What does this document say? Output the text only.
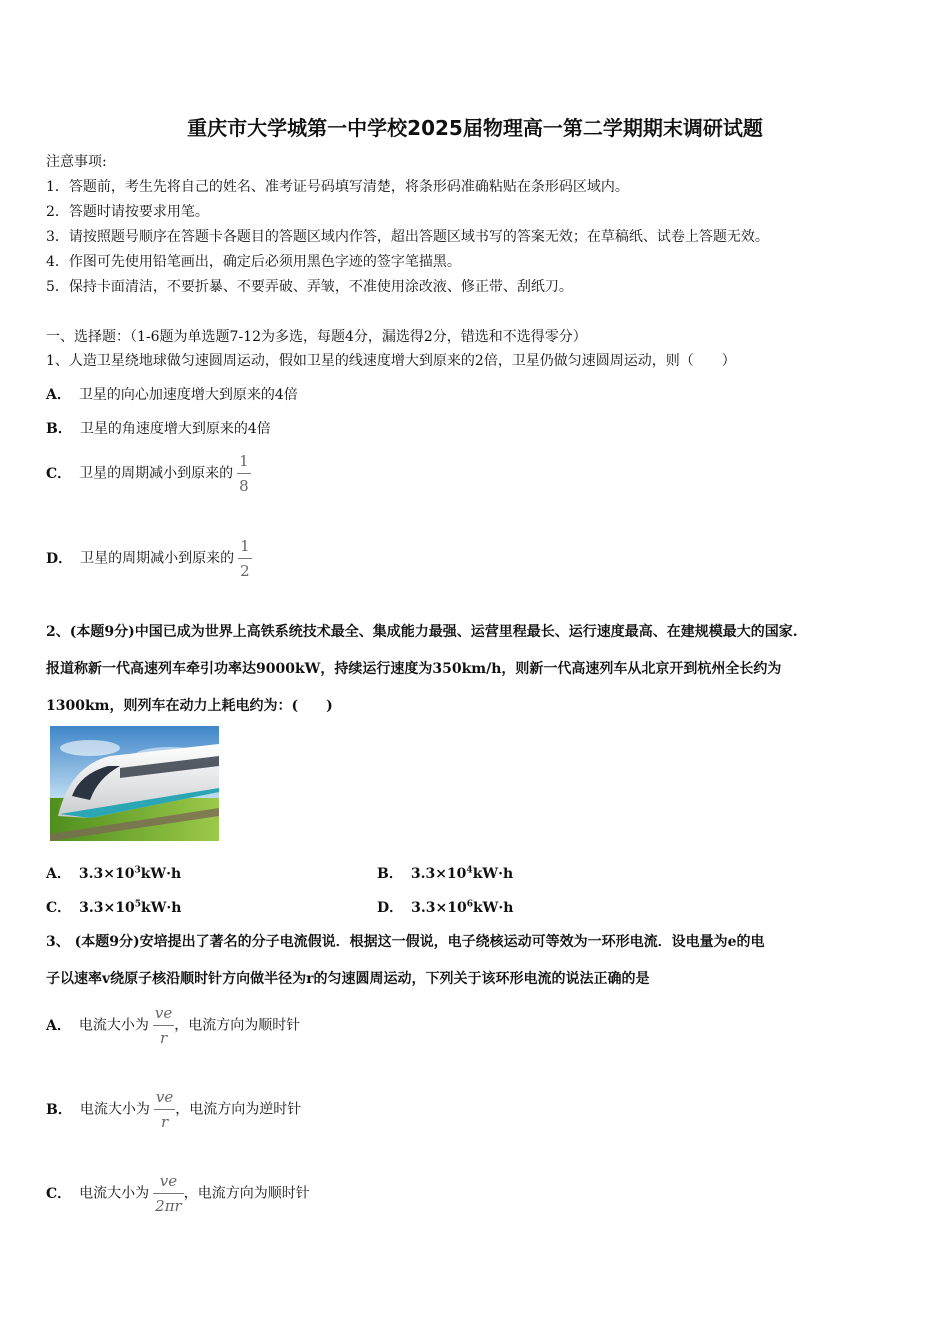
重庆市大学城第一中学校2025届物理高一第二学期期末调研试题
注意事项:
1．答题前，考生先将自己的姓名、准考证号码填写清楚，将条形码准确粘贴在条形码区域内。
2．答题时请按要求用笔。
3．请按照题号顺序在答题卡各题目的答题区域内作答，超出答题区域书写的答案无效；在草稿纸、试卷上答题无效。
4．作图可先使用铅笔画出，确定后必须用黑色字迹的签字笔描黑。
5．保持卡面清洁，不要折暴、不要弄破、弄皱，不准使用涂改液、修正带、刮纸刀。
一、选择题：（1-6题为单选题7-12为多选，每题4分，漏选得2分，错选和不选得零分）
1、人造卫星绕地球做匀速圆周运动，假如卫星的线速度增大到原来的2倍，卫星仍做匀速圆周运动，则（　　）
A． 卫星的向心加速度增大到原来的4倍
B． 卫星的角速度增大到原来的4倍
C． 卫星的周期减小到原来的 $\frac{1}{8}$
D． 卫星的周期减小到原来的 $\frac{1}{2}$
2、(本题9分)中国已成为世界上高铁系统技术最全、集成能力最强、运营里程最长、运行速度最高、在建规模最大的国家.
报道称新一代高速列车牵引功率达9000kW，持续运行速度为350km/h，则新一代高速列车从北京开到杭州全长约为
1300km，则列车在动力上耗电约为：(　　)
A． $3.3\times 10^3kW\cdot h$	B． $3.3\times 10^4kW\cdot h$
C． $3.3\times 10^5kW\cdot h$	D． $3.3\times 10^6kW\cdot h$
3、 (本题9分)安培提出了著名的分子电流假说．根据这一假说，电子绕核运动可等效为一环形电流．设电量为e的电
子以速率v绕原子核沿顺时针方向做半径为r的匀速圆周运动，下列关于该环形电流的说法正确的是
A． 电流大小为 $\frac{ve}{r}$ ，电流方向为顺时针
B． 电流大小为 $\frac{ve}{r}$ ，电流方向为逆时针
C． 电流大小为 $\frac{ve}{2\pi r}$ ，电流方向为顺时针
